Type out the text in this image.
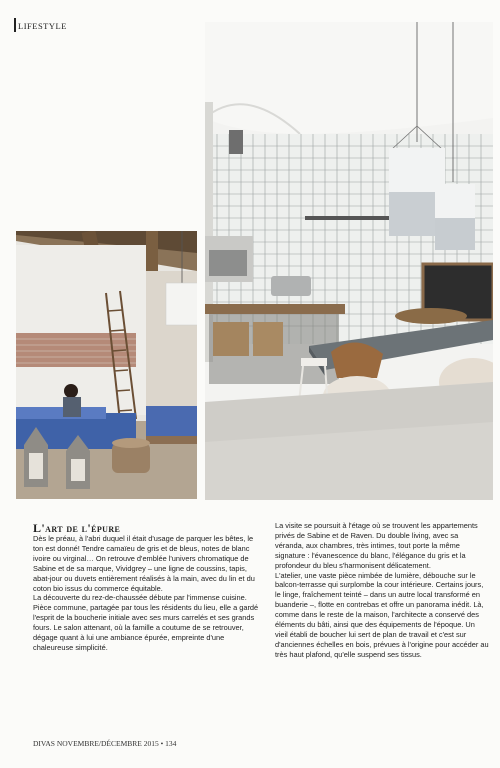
LIFESTYLE
L'art de l'épure

Dès le préau, à l'abri duquel il était d'usage de parquer les bêtes, le ton est donné! Tendre camaïeu de gris et de bleus, notes de blanc ivoire ou virginal… On retrouve d'emblée l'univers chromatique de Sabine et de sa marque, Vividgrey – une ligne de coussins, tapis, abat-jour ou duvets entièrement réalisés à la main, avec du lin et du coton bio issus du commerce équitable.

La découverte du rez-de-chaussée débute par l'immense cuisine. Pièce commune, partagée par tous les résidents du lieu, elle a gardé l'esprit de la boucherie initiale avec ses murs carrelés et ses grands fours. Le salon attenant, où la famille a coutume de se retrouver, dégage quant à lui une ambiance épurée, empreinte d'une chaleureuse simplicité.

La visite se poursuit à l'étage où se trouvent les appartements privés de Sabine et de Raven. Du double living, avec sa véranda, aux chambres, très intimes, tout porte la même signature : l'évanescence du blanc, l'élégance du gris et la profondeur du bleu s'harmonisent délicatement.

L'atelier, une vaste pièce nimbée de lumière, débouche sur le balcon-terrasse qui surplombe la cour intérieure. Certains jours, le linge, fraîchement teinté – dans un autre local transformé en buanderie –, flotte en contrebas et offre un panorama inédit. Là, comme dans le reste de la maison, l'architecte a conservé des éléments du bâti, ainsi que des équipements de l'époque. Un vieil établi de boucher lui sert de plan de travail et c'est sur d'anciennes échelles en bois, prévues à l'origine pour accéder au très haut plafond, qu'elle suspend ses tissus.

DIVAS NOVEMBRE/DÉCEMBRE 2015 • 134
